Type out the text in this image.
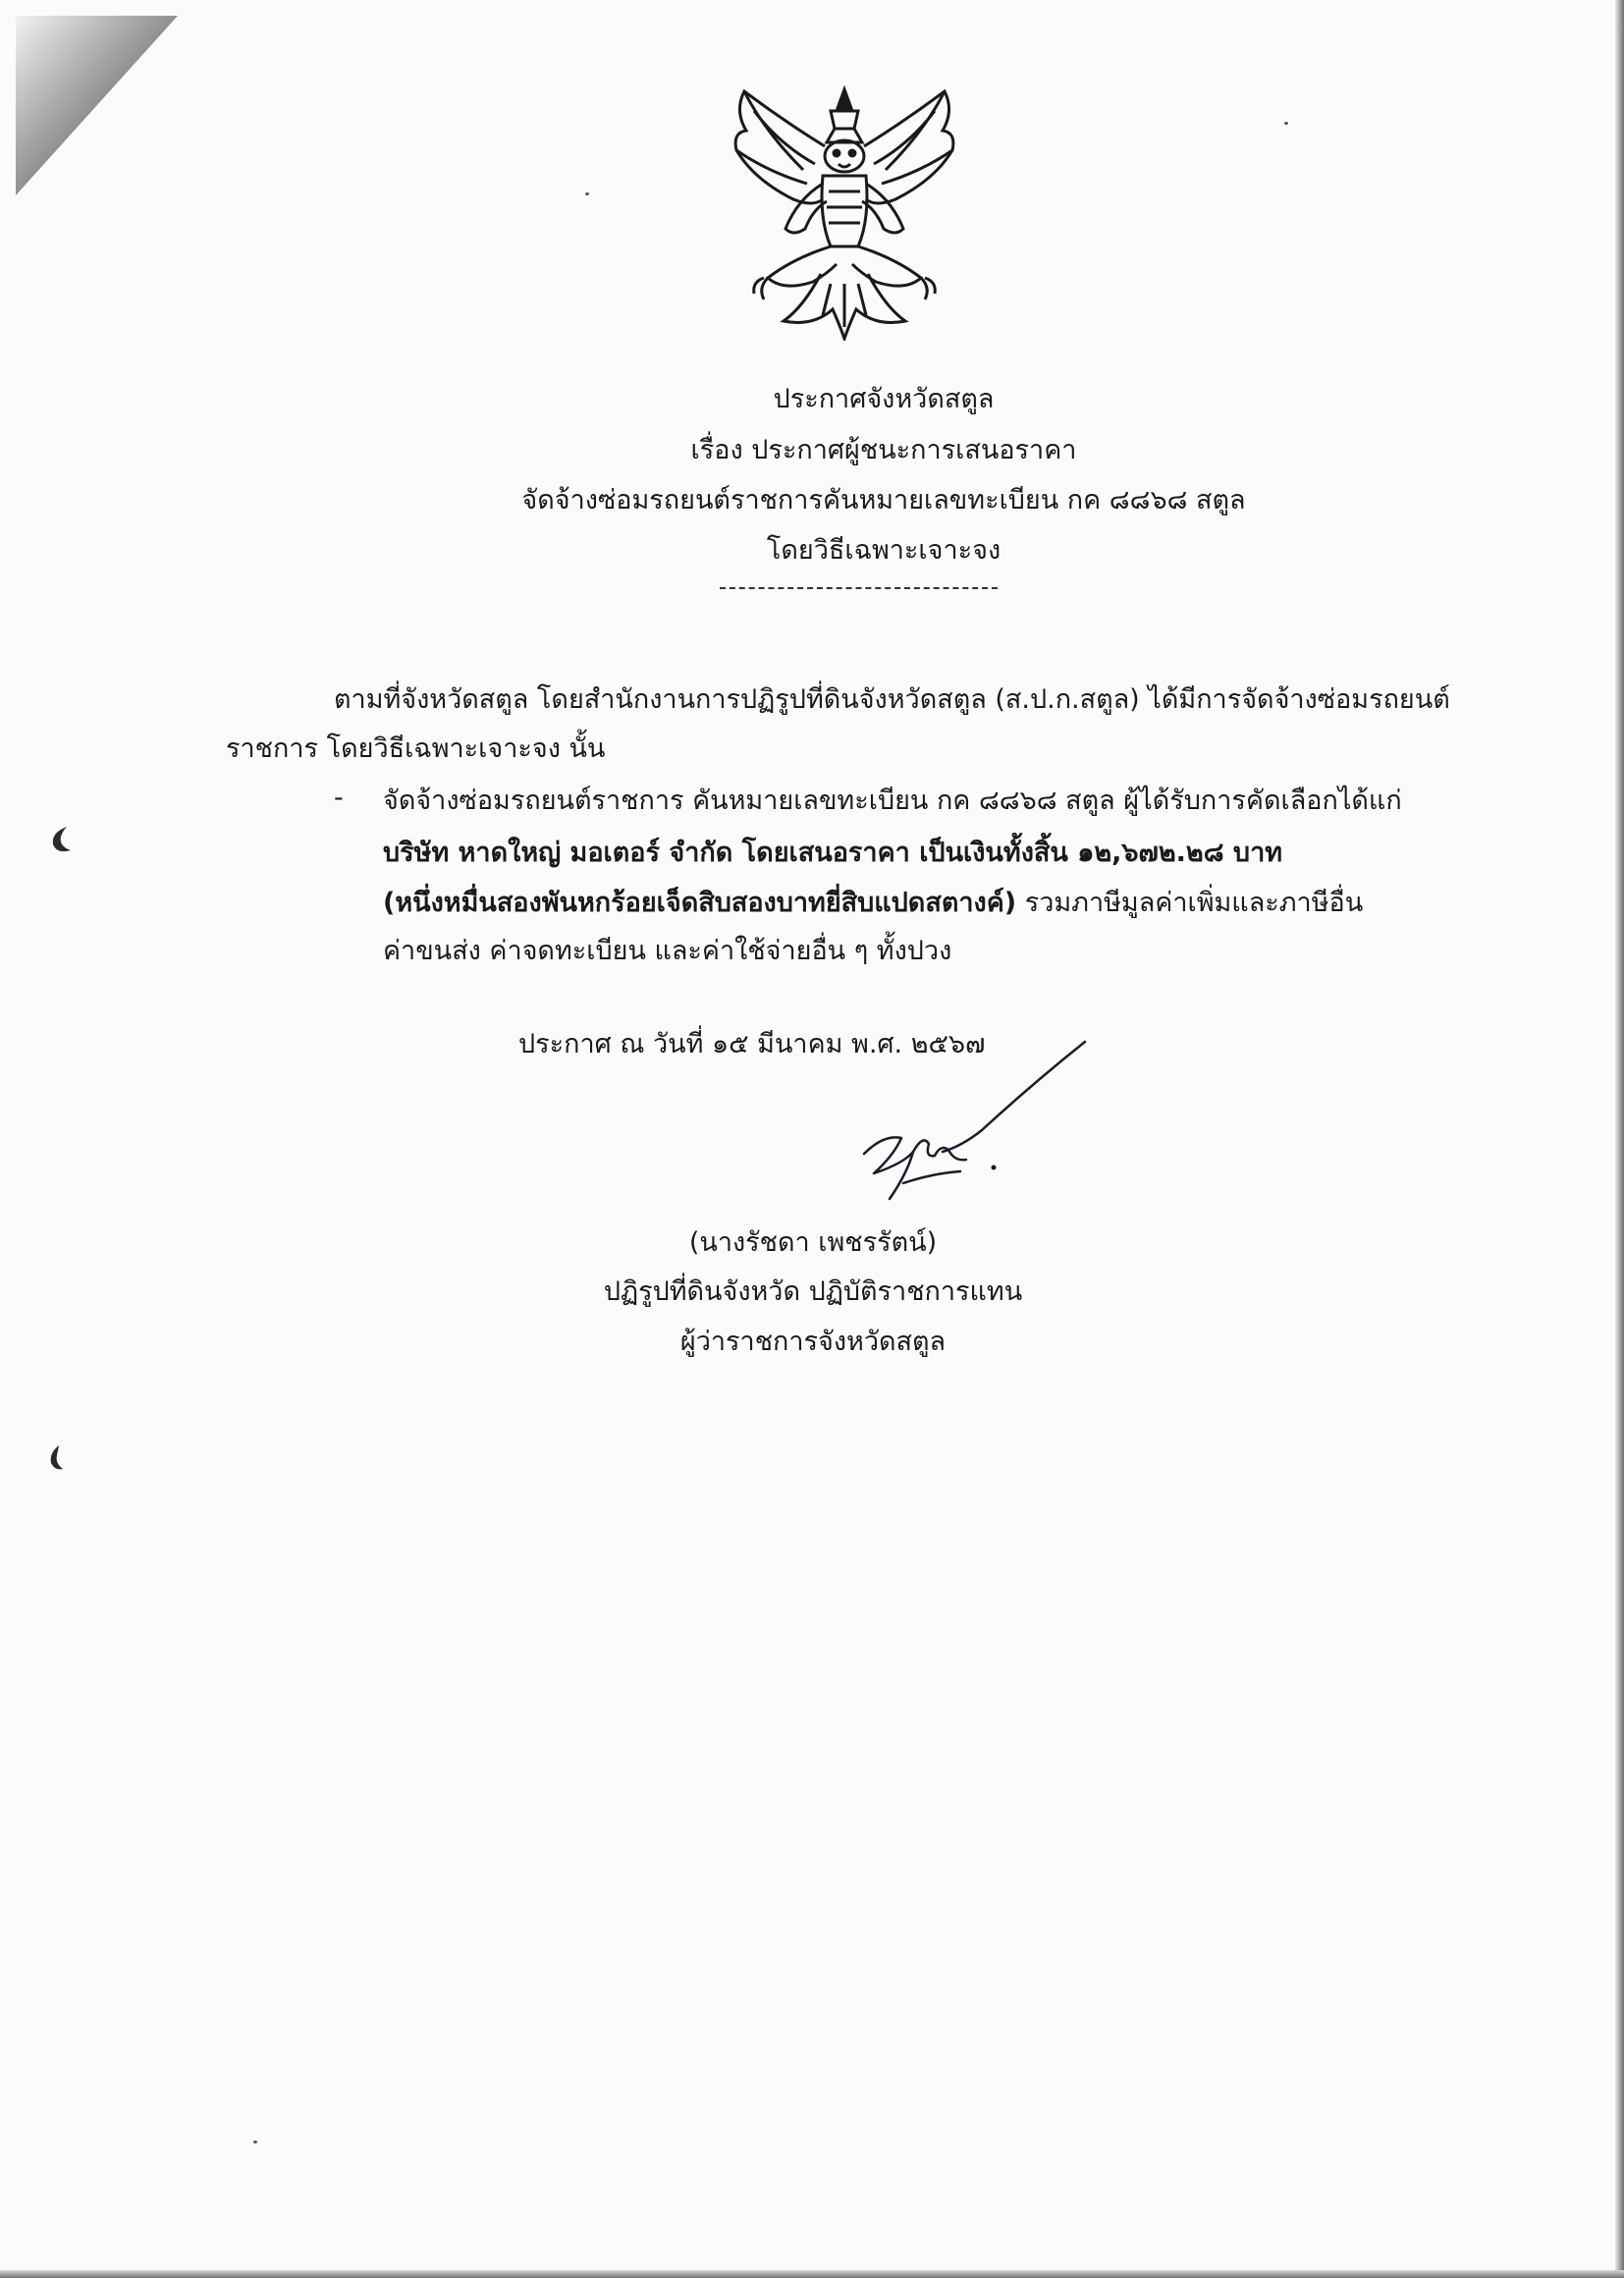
ประกาศจังหวัดสตูล
เรื่อง ประกาศผู้ชนะการเสนอราคา
จัดจ้างซ่อมรถยนต์ราชการคันหมายเลขทะเบียน กค ๘๘๖๘ สตูล
โดยวิธีเฉพาะเจาะจง
ตามที่จังหวัดสตูล โดยสำนักงานการปฏิรูปที่ดินจังหวัดสตูล (ส.ป.ก.สตูล) ได้มีการจัดจ้างซ่อมรถยนต์
ราชการ โดยวิธีเฉพาะเจาะจง นั้น
- จัดจ้างซ่อมรถยนต์ราชการ คันหมายเลขทะเบียน กค ๘๘๖๘ สตูล ผู้ได้รับการคัดเลือกได้แก่
บริษัท หาดใหญ่ มอเตอร์ จำกัด โดยเสนอราคา เป็นเงินทั้งสิ้น ๑๒,๖๗๒.๒๘ บาท
(หนึ่งหมื่นสองพันหกร้อยเจ็ดสิบสองบาทยี่สิบแปดสตางค์) รวมภาษีมูลค่าเพิ่มและภาษีอื่น
ค่าขนส่ง ค่าจดทะเบียน และค่าใช้จ่ายอื่น ๆ ทั้งปวง
ประกาศ ณ วันที่ ๑๕ มีนาคม พ.ศ. ๒๕๖๗
(นางรัชดา เพชรรัตน์)
ปฏิรูปที่ดินจังหวัด ปฏิบัติราชการแทน
ผู้ว่าราชการจังหวัดสตูล
